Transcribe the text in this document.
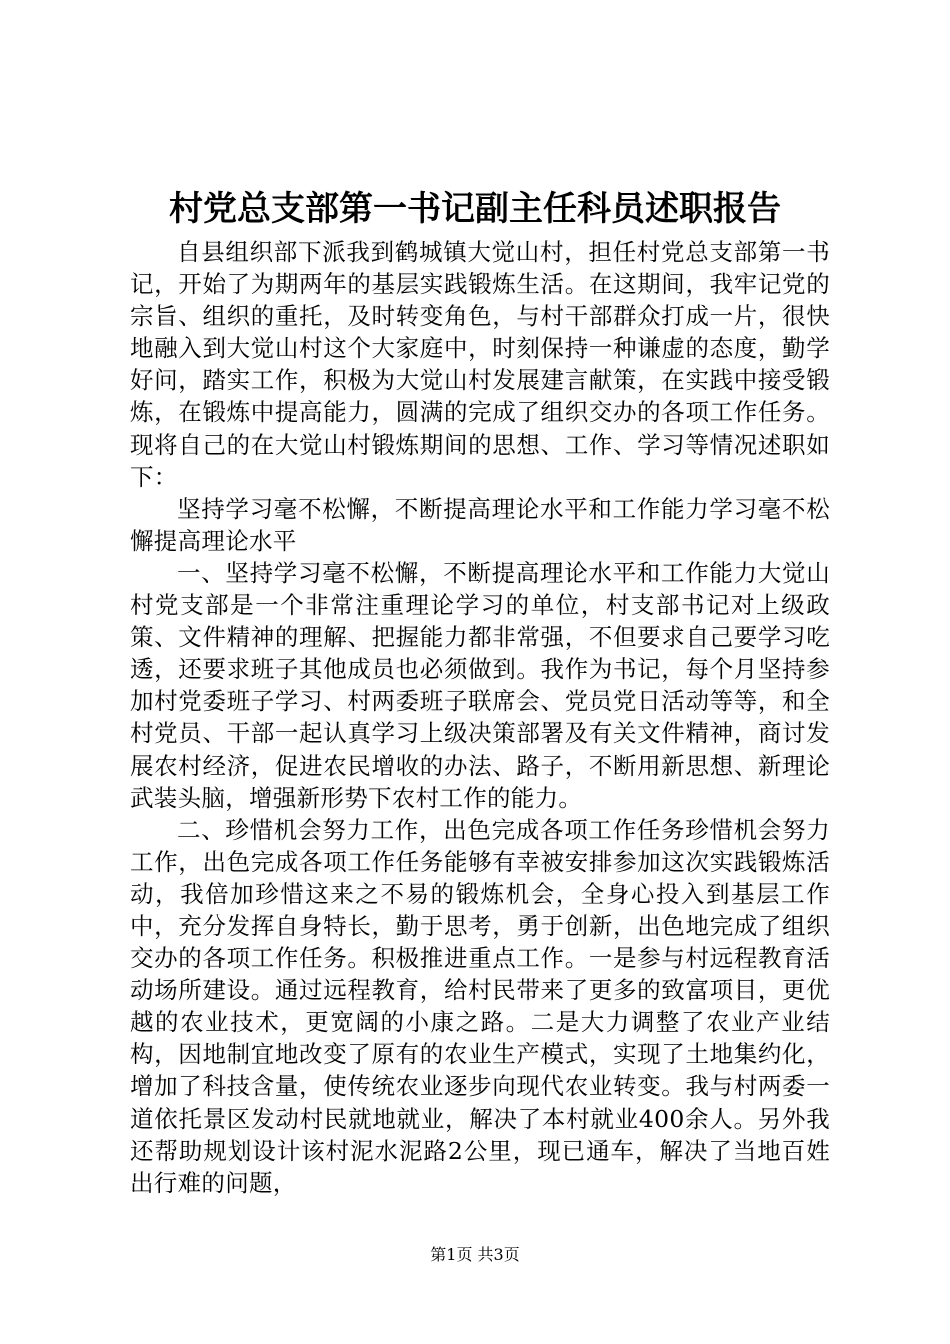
村党总支部第一书记副主任科员述职报告

自县组织部下派我到鹤城镇大觉山村，担任村党总支部第一书记，开始了为期两年的基层实践锻炼生活。在这期间，我牢记党的宗旨、组织的重托，及时转变角色，与村干部群众打成一片，很快地融入到大觉山村这个大家庭中，时刻保持一种谦虚的态度，勤学好问，踏实工作，积极为大觉山村发展建言献策，在实践中接受锻炼，在锻炼中提高能力，圆满的完成了组织交办的各项工作任务。现将自己的在大觉山村锻炼期间的思想、工作、学习等情况述职如下：

坚持学习毫不松懈，不断提高理论水平和工作能力学习毫不松懈提高理论水平

一、坚持学习毫不松懈，不断提高理论水平和工作能力大觉山村党支部是一个非常注重理论学习的单位，村支部书记对上级政策、文件精神的理解、把握能力都非常强，不但要求自己要学习吃透，还要求班子其他成员也必须做到。我作为书记，每个月坚持参加村党委班子学习、村两委班子联席会、党员党日活动等等，和全村党员、干部一起认真学习上级决策部署及有关文件精神，商讨发展农村经济，促进农民增收的办法、路子，不断用新思想、新理论武装头脑，增强新形势下农村工作的能力。

二、珍惜机会努力工作，出色完成各项工作任务珍惜机会努力工作，出色完成各项工作任务能够有幸被安排参加这次实践锻炼活动，我倍加珍惜这来之不易的锻炼机会，全身心投入到基层工作中，充分发挥自身特长，勤于思考，勇于创新，出色地完成了组织交办的各项工作任务。积极推进重点工作。一是参与村远程教育活动场所建设。通过远程教育，给村民带来了更多的致富项目，更优越的农业技术，更宽阔的小康之路。二是大力调整了农业产业结构，因地制宜地改变了原有的农业生产模式，实现了土地集约化，增加了科技含量，使传统农业逐步向现代农业转变。我与村两委一道依托景区发动村民就地就业，解决了本村就业400余人。另外我还帮助规划设计该村泥水泥路2公里，现已通车，解决了当地百姓出行难的问题，

第1页 共3页
